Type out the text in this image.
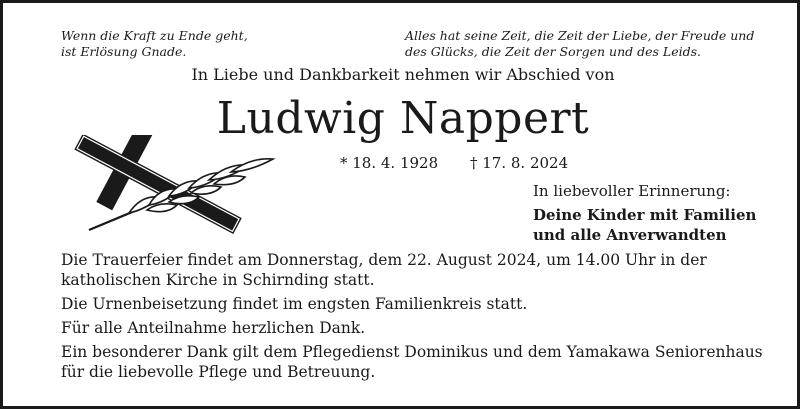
Wenn die Kraft zu Ende geht,
ist Erlösung Gnade.
Alles hat seine Zeit, die Zeit der Liebe, der Freude und
des Glücks, die Zeit der Sorgen und des Leids.
In Liebe und Dankbarkeit nehmen wir Abschied von
Ludwig Nappert
* 18. 4. 1928 † 17. 8. 2024
In liebevoller Erinnerung:
Deine Kinder mit Familien
und alle Anverwandten

Die Trauerfeier findet am Donnerstag, dem 22. August 2024, um 14.00 Uhr in der katholischen Kirche in Schirnding statt.

Die Urnenbeisetzung findet im engsten Familienkreis statt.

Für alle Anteilnahme herzlichen Dank.

Ein besonderer Dank gilt dem Pflegedienst Dominikus und dem Yamakawa Seniorenhaus für die liebevolle Pflege und Betreuung.
